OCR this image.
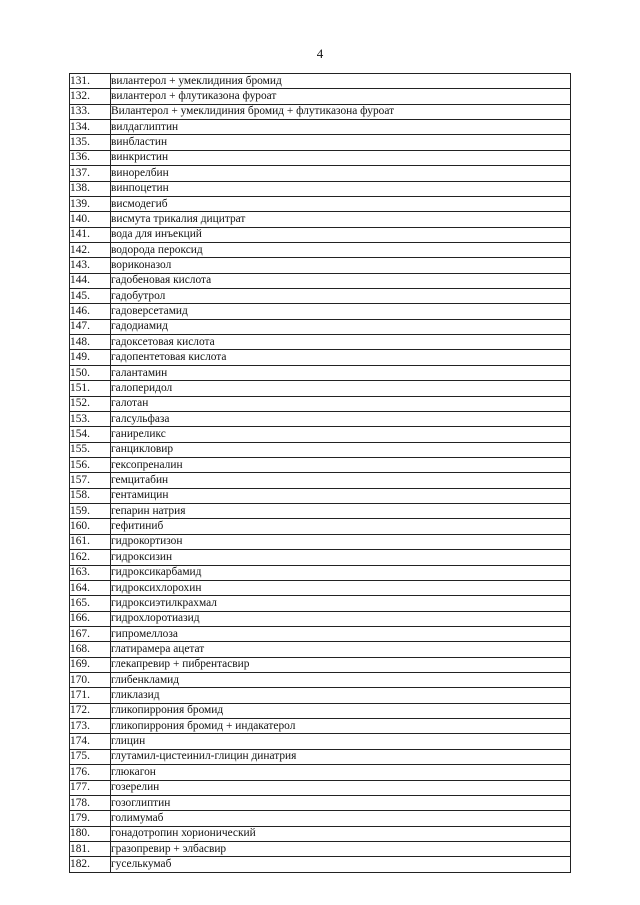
4
131.	вилантерол + умеклидиния бромид
132.	вилантерол + флутиказона фуроат
133.	Вилантерол + умеклидиния бромид + флутиказона фуроат
134.	вилдаглиптин
135.	винбластин
136.	винкристин
137.	винорелбин
138.	винпоцетин
139.	висмодегиб
140.	висмута трикалия дицитрат
141.	вода для инъекций
142.	водорода пероксид
143.	вориконазол
144.	гадобеновая кислота
145.	гадобутрол
146.	гадоверсетамид
147.	гадодиамид
148.	гадоксетовая кислота
149.	гадопентетовая кислота
150.	галантамин
151.	галоперидол
152.	галотан
153.	галсульфаза
154.	ганиреликс
155.	ганцикловир
156.	гексопреналин
157.	гемцитабин
158.	гентамицин
159.	гепарин натрия
160.	гефитиниб
161.	гидрокортизон
162.	гидроксизин
163.	гидроксикарбамид
164.	гидроксихлорохин
165.	гидроксиэтилкрахмал
166.	гидрохлоротиазид
167.	гипромеллоза
168.	глатирамера ацетат
169.	глекапревир + пибрентасвир
170.	глибенкламид
171.	гликлазид
172.	гликопиррония бромид
173.	гликопиррония бромид + индакатерол
174.	глицин
175.	глутамил-цистеинил-глицин динатрия
176.	глюкагон
177.	гозерелин
178.	гозоглиптин
179.	голимумаб
180.	гонадотропин хорионический
181.	гразопревир + элбасвир
182.	гуселькумаб
